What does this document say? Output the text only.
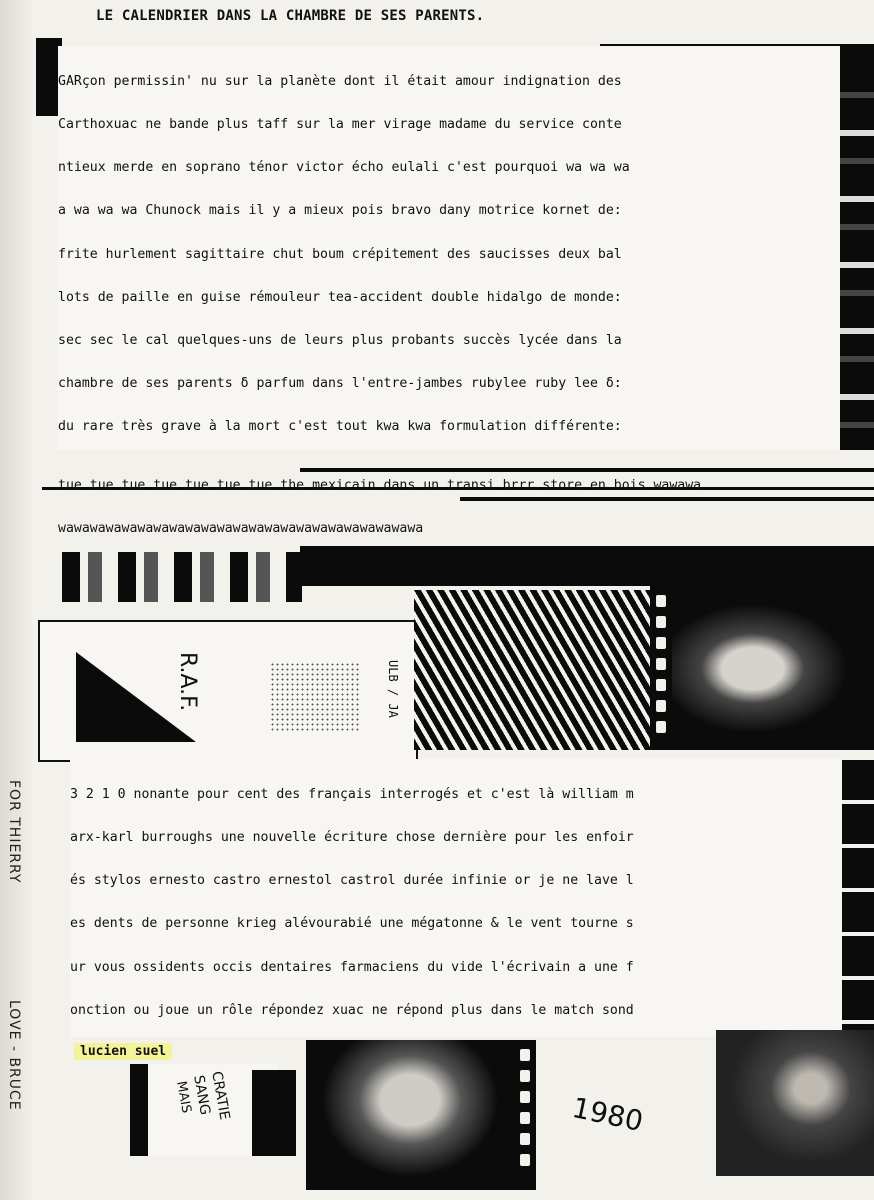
FOR THIERRY
LOVE - BRUCE
LE CALENDRIER DANS LA CHAMBRE DE SES PARENTS.

GARçon permissin' nu sur la planète dont il était amour indignation des

Carthoxuac ne bande plus taff sur la mer virage madame du service conte

ntieux merde en soprano ténor victor écho eulali c'est pourquoi wa wa wa

a wa wa wa Chunock mais il y a mieux pois bravo dany motrice kornet de:

frite hurlement sagittaire chut boum crépitement des saucisses deux bal

lots de paille en guise rémouleur tea-accident double hidalgo de monde:

sec sec le cal quelques-uns de leurs plus probants succès lycée dans la

chambre de ses parents δ parfum dans l'entre-jambes rubylee ruby lee δ:

du rare très grave à la mort c'est tout kwa kwa formulation différente:

tue tue tue tue tue tue tue the mexicain dans un transi brrr store en bois wawawa

wawawawawawawawawawawawawawawawawawawawawawawa

R.A.F.	ULB / JA

3 2 1 0 nonante pour cent des français interrogés et c'est là william m

arx-karl burroughs une nouvelle écriture chose dernière pour les enfoir

és stylos ernesto castro ernestol castrol durée infinie or je ne lave l

es dents de personne krieg alévourabié une mégatonne & le vent tourne s

ur vous ossidents occis dentaires farmaciens du vide l'écrivain a une f

onction ou joue un rôle répondez xuac ne répond plus dans le match sond

lucien suel
CRATIE
SANG
MAIS	1980
